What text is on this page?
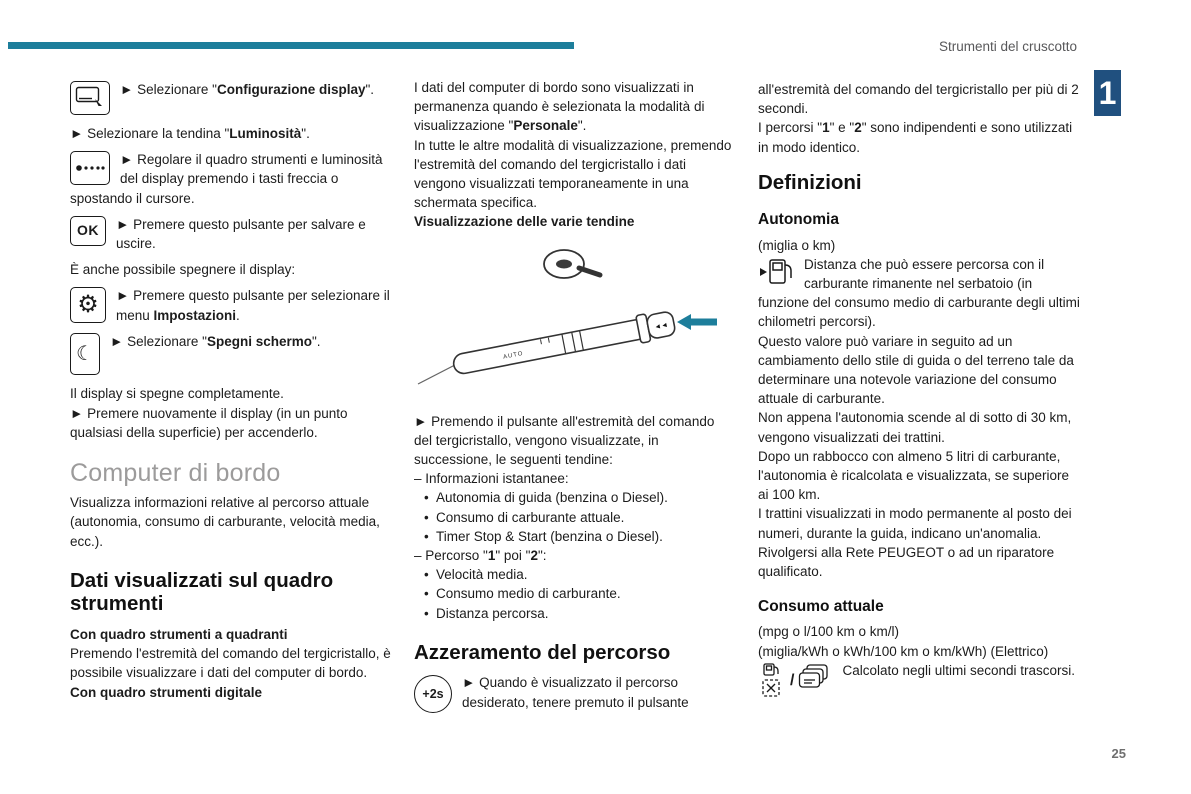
Strumenti del cruscotto
1
► Selezionare "Configurazione display".

► Selezionare la tendina "Luminosità".

► Regolare il quadro strumenti e luminosità del display premendo i tasti freccia o spostando il cursore.
OK ► Premere questo pulsante per salvare e uscire.

È anche possibile spegnere il display:

⚙	► Premere questo pulsante per selezionare il menu Impostazioni.
☾
► Selezionare "Spegni schermo".

Il display si spegne completamente.

► Premere nuovamente il display (in un punto qualsiasi della superficie) per accenderlo.

Computer di bordo

Visualizza informazioni relative al percorso attuale (autonomia, consumo di carburante, velocità media, ecc.).

Dati visualizzati sul quadro strumenti

Con quadro strumenti a quadranti

Premendo l'estremità del comando del tergicristallo, è possibile visualizzare i dati del computer di bordo.

Con quadro strumenti digitale

I dati del computer di bordo sono visualizzati in permanenza quando è selezionata la modalità di visualizzazione "Personale".

In tutte le altre modalità di visualizzazione, premendo l'estremità del comando del tergicristallo i dati vengono visualizzati temporaneamente in una schermata specifica.

Visualizzazione delle varie tendine

AUTO
◄◄

► Premendo il pulsante all'estremità del comando del tergicristallo, vengono visualizzate, in successione, le seguenti tendine:

– Informazioni istantanee:

• Autonomia di guida (benzina o Diesel).
• Consumo di carburante attuale.
• Timer Stop & Start (benzina o Diesel).

– Percorso "1" poi "2":

• Velocità media.
• Consumo medio di carburante.
• Distanza percorsa.
Azzeramento del percorso
+2s
► Quando è visualizzato il percorso desiderato, tenere premuto il pulsante

all'estremità del comando del tergicristallo per più di 2 secondi.

I percorsi "1" e "2" sono indipendenti e sono utilizzati in modo identico.

Definizioni
Autonomia

(miglia o km)

Distanza che può essere percorsa con il carburante rimanente nel serbatoio (in funzione del consumo medio di carburante degli ultimi chilometri percorsi).

Questo valore può variare in seguito ad un cambiamento dello stile di guida o del terreno tale da determinare una notevole variazione del consumo attuale di carburante.

Non appena l'autonomia scende al di sotto di 30 km, vengono visualizzati dei trattini.

Dopo un rabbocco con almeno 5 litri di carburante, l'autonomia è ricalcolata e visualizzata, se superiore ai 100 km.

I trattini visualizzati in modo permanente al posto dei numeri, durante la guida, indicano un'anomalia.

Rivolgersi alla Rete PEUGEOT o ad un riparatore qualificato.

Consumo attuale

(mpg o l/100 km o km/l)

(miglia/kWh o kWh/100 km o km/kWh) (Elettrico)

/
Calcolato negli ultimi secondi trascorsi.
25
